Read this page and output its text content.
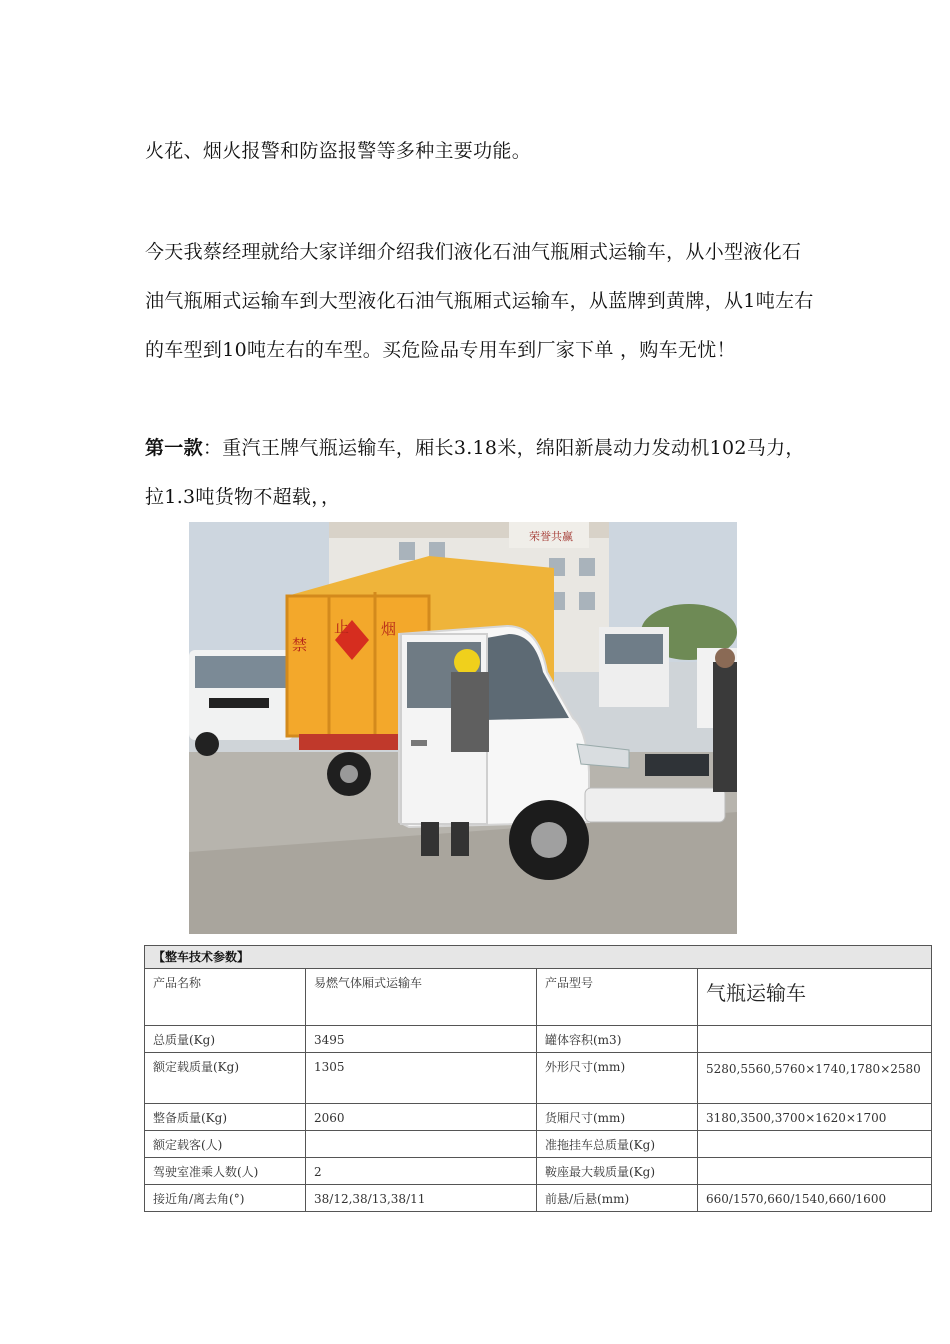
火花、烟火报警和防盗报警等多种主要功能。

今天我蔡经理就给大家详细介绍我们液化石油气瓶厢式运输车，从小型液化石油气瓶厢式运输车到大型液化石油气瓶厢式运输车，从蓝牌到黄牌，从1吨左右的车型到10吨左右的车型。买危险品专用车到厂家下单 ，购车无忧！

第一款：重汽王牌气瓶运输车，厢长3.18米，绵阳新晨动力发动机102马力，拉1.3吨货物不超载，，

荣誉共赢
禁
止 烟
【整车技术参数】			
产品名称	易燃气体厢式运输车	产品型号	气瓶运输车
总质量(Kg)	3495	罐体容积(m3)	
额定载质量(Kg)	1305	外形尺寸(mm)	5280,5560,5760×1740,1780×2580
整备质量(Kg)	2060	货厢尺寸(mm)	3180,3500,3700×1620×1700
额定载客(人)		准拖挂车总质量(Kg)	
驾驶室准乘人数(人)	2	鞍座最大载质量(Kg)	
接近角/离去角(°)	38/12,38/13,38/11	前悬/后悬(mm)	660/1570,660/1540,660/1600
